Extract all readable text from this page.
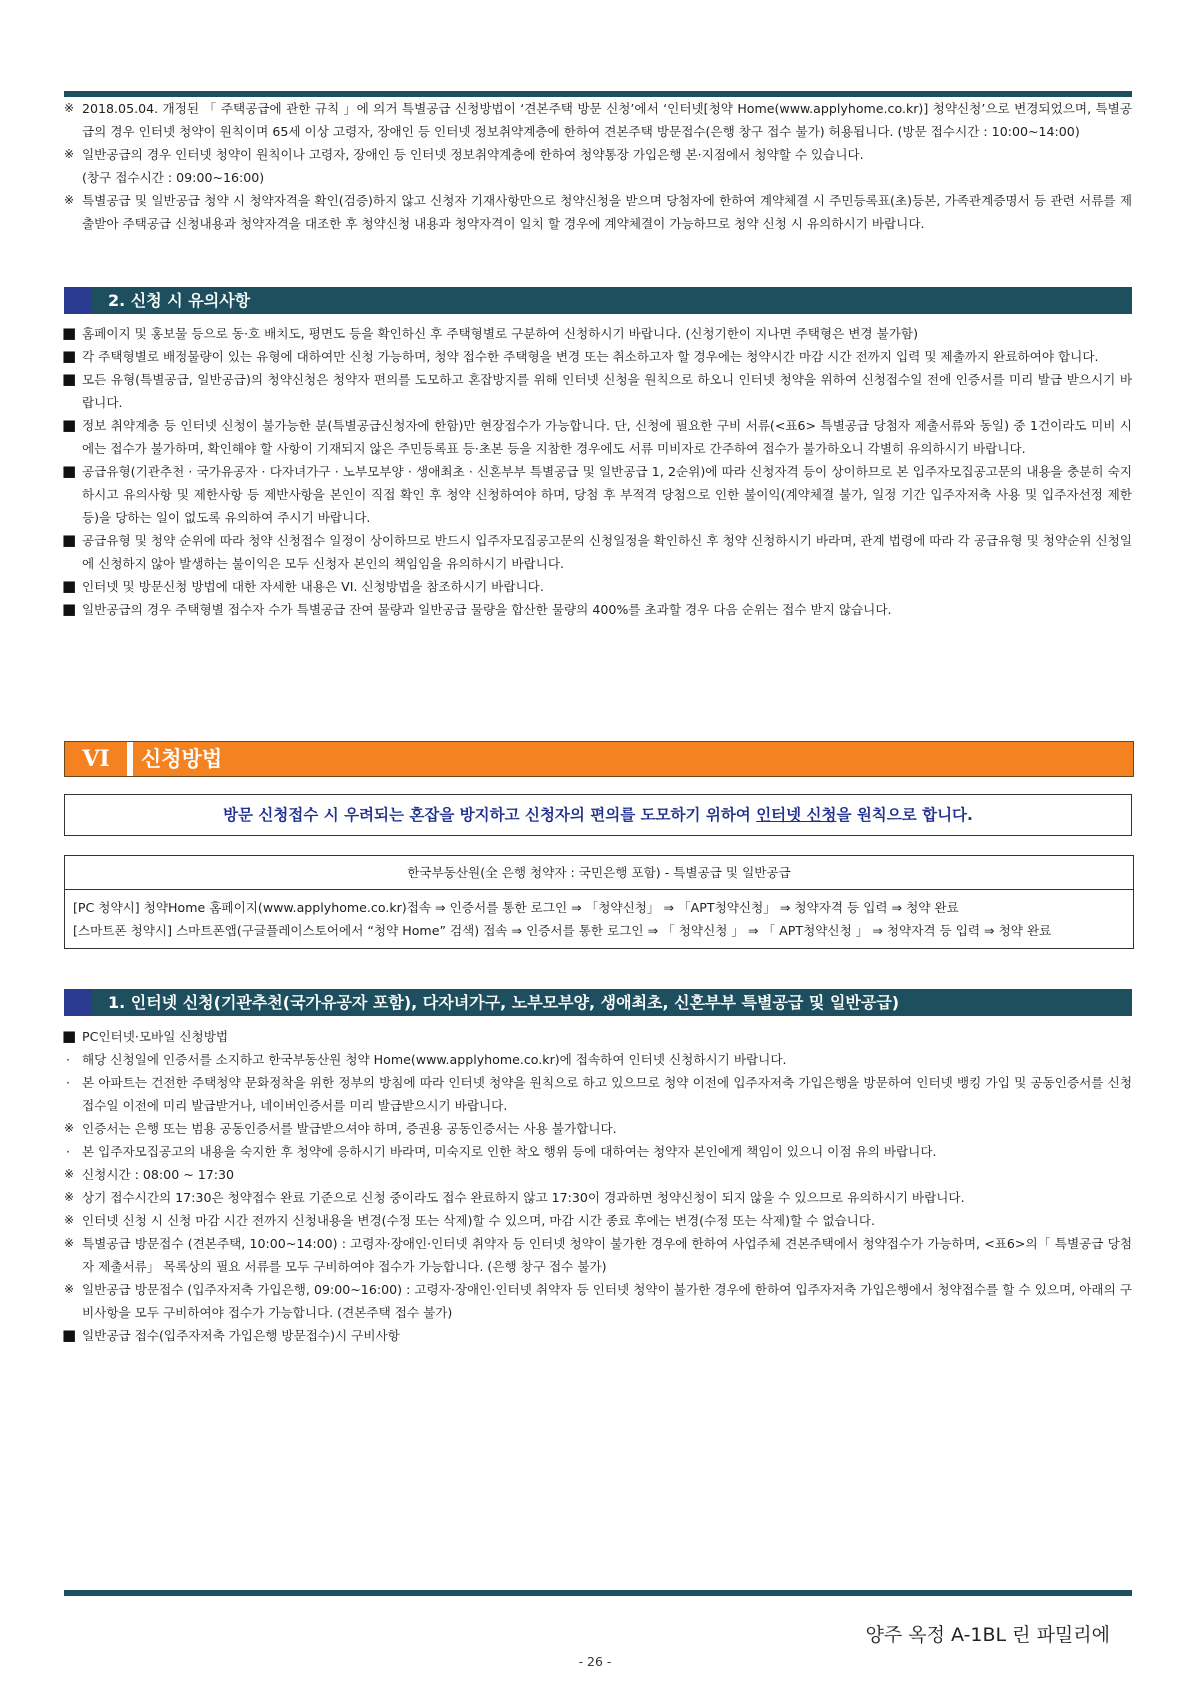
※ 2018.05.04. 개정된 「 주택공급에 관한 규칙 」에 의거 특별공급 신청방법이 ‘견본주택 방문 신청’에서 ‘인터넷[청약 Home(www.applyhome.co.kr)] 청약신청’으로 변경되었으며, 특별공급의 경우 인터넷 청약이 원칙이며 65세 이상 고령자, 장애인 등 인터넷 정보취약계층에 한하여 견본주택 방문접수(은행 창구 접수 불가) 허용됩니다. (방문 접수시간 : 10:00~14:00)

※ 일반공급의 경우 인터넷 청약이 원칙이나 고령자, 장애인 등 인터넷 정보취약계층에 한하여 청약통장 가입은행 본·지점에서 청약할 수 있습니다.
(창구 접수시간 : 09:00~16:00)

※ 특별공급 및 일반공급 청약 시 청약자격을 확인(검증)하지 않고 신청자 기재사항만으로 청약신청을 받으며 당첨자에 한하여 계약체결 시 주민등록표(초)등본, 가족관계증명서 등 관련 서류를 제출받아 주택공급 신청내용과 청약자격을 대조한 후 청약신청 내용과 청약자격이 일치 할 경우에 계약체결이 가능하므로 청약 신청 시 유의하시기 바랍니다.

2. 신청 시 유의사항

■ 홈페이지 및 홍보물 등으로 동·호 배치도, 평면도 등을 확인하신 후 주택형별로 구분하여 신청하시기 바랍니다. (신청기한이 지나면 주택형은 변경 불가함)

■ 각 주택형별로 배정물량이 있는 유형에 대하여만 신청 가능하며, 청약 접수한 주택형을 변경 또는 취소하고자 할 경우에는 청약시간 마감 시간 전까지 입력 및 제출까지 완료하여야 합니다.

■ 모든 유형(특별공급, 일반공급)의 청약신청은 청약자 편의를 도모하고 혼잡방지를 위해 인터넷 신청을 원칙으로 하오니 인터넷 청약을 위하여 신청접수일 전에 인증서를 미리 발급 받으시기 바랍니다.

■ 정보 취약계층 등 인터넷 신청이 불가능한 분(특별공급신청자에 한함)만 현장접수가 가능합니다. 단, 신청에 필요한 구비 서류(<표6> 특별공급 당첨자 제출서류와 동일) 중 1건이라도 미비 시에는 접수가 불가하며, 확인해야 할 사항이 기재되지 않은 주민등록표 등·초본 등을 지참한 경우에도 서류 미비자로 간주하여 접수가 불가하오니 각별히 유의하시기 바랍니다.

■ 공급유형(기관추천 · 국가유공자 · 다자녀가구 · 노부모부양 · 생애최초 · 신혼부부 특별공급 및 일반공급 1, 2순위)에 따라 신청자격 등이 상이하므로 본 입주자모집공고문의 내용을 충분히 숙지하시고 유의사항 및 제한사항 등 제반사항을 본인이 직접 확인 후 청약 신청하여야 하며, 당첨 후 부적격 당첨으로 인한 불이익(계약체결 불가, 일정 기간 입주자저축 사용 및 입주자선정 제한 등)을 당하는 일이 없도록 유의하여 주시기 바랍니다.

■ 공급유형 및 청약 순위에 따라 청약 신청접수 일정이 상이하므로 반드시 입주자모집공고문의 신청일정을 확인하신 후 청약 신청하시기 바라며, 관계 법령에 따라 각 공급유형 및 청약순위 신청일에 신청하지 않아 발생하는 불이익은 모두 신청자 본인의 책임임을 유의하시기 바랍니다.

■ 인터넷 및 방문신청 방법에 대한 자세한 내용은 VI. 신청방법을 참조하시기 바랍니다.

■ 일반공급의 경우 주택형별 접수자 수가 특별공급 잔여 물량과 일반공급 물량을 합산한 물량의 400%를 초과할 경우 다음 순위는 접수 받지 않습니다.

VI	신청방법
방문 신청접수 시 우려되는 혼잡을 방지하고 신청자의 편의를 도모하기 위하여 인터넷 신청을 원칙으로 합니다.
한국부동산원(全 은행 청약자 : 국민은행 포함) - 특별공급 및 일반공급
[PC 청약시] 청약Home 홈페이지(www.applyhome.co.kr)접속 ⇒ 인증서를 통한 로그인 ⇒ 「청약신청」 ⇒ 「APT청약신청」 ⇒ 청약자격 등 입력 ⇒ 청약 완료
[스마트폰 청약시] 스마트폰앱(구글플레이스토어에서 “청약 Home” 검색) 접속 ⇒ 인증서를 통한 로그인 ⇒ 「 청약신청 」 ⇒ 「 APT청약신청 」 ⇒ 청약자격 등 입력 ⇒ 청약 완료
1. 인터넷 신청(기관추천(국가유공자 포함), 다자녀가구, 노부모부양, 생애최초, 신혼부부 특별공급 및 일반공급)

■ PC인터넷·모바일 신청방법

· 해당 신청일에 인증서를 소지하고 한국부동산원 청약 Home(www.applyhome.co.kr)에 접속하여 인터넷 신청하시기 바랍니다.

· 본 아파트는 건전한 주택청약 문화정착을 위한 정부의 방침에 따라 인터넷 청약을 원칙으로 하고 있으므로 청약 이전에 입주자저축 가입은행을 방문하여 인터넷 뱅킹 가입 및 공동인증서를 신청접수일 이전에 미리 발급받거나, 네이버인증서를 미리 발급받으시기 바랍니다.

※ 인증서는 은행 또는 범용 공동인증서를 발급받으셔야 하며, 증권용 공동인증서는 사용 불가합니다.

· 본 입주자모집공고의 내용을 숙지한 후 청약에 응하시기 바라며, 미숙지로 인한 착오 행위 등에 대하여는 청약자 본인에게 책임이 있으니 이점 유의 바랍니다.

※ 신청시간 : 08:00 ~ 17:30

※ 상기 접수시간의 17:30은 청약접수 완료 기준으로 신청 중이라도 접수 완료하지 않고 17:30이 경과하면 청약신청이 되지 않을 수 있으므로 유의하시기 바랍니다.

※ 인터넷 신청 시 신청 마감 시간 전까지 신청내용을 변경(수정 또는 삭제)할 수 있으며, 마감 시간 종료 후에는 변경(수정 또는 삭제)할 수 없습니다.

※ 특별공급 방문접수 (견본주택, 10:00~14:00) : 고령자·장애인·인터넷 취약자 등 인터넷 청약이 불가한 경우에 한하여 사업주체 견본주택에서 청약접수가 가능하며, <표6>의「 특별공급 당첨자 제출서류」 목록상의 필요 서류를 모두 구비하여야 접수가 가능합니다. (은행 창구 접수 불가)

※ 일반공급 방문접수 (입주자저축 가입은행, 09:00~16:00) : 고령자·장애인·인터넷 취약자 등 인터넷 청약이 불가한 경우에 한하여 입주자저축 가입은행에서 청약접수를 할 수 있으며, 아래의 구비사항을 모두 구비하여야 접수가 가능합니다. (견본주택 접수 불가)

■ 일반공급 접수(입주자저축 가입은행 방문접수)시 구비사항

양주 옥정 A-1BL 린 파밀리에
- 26 -
